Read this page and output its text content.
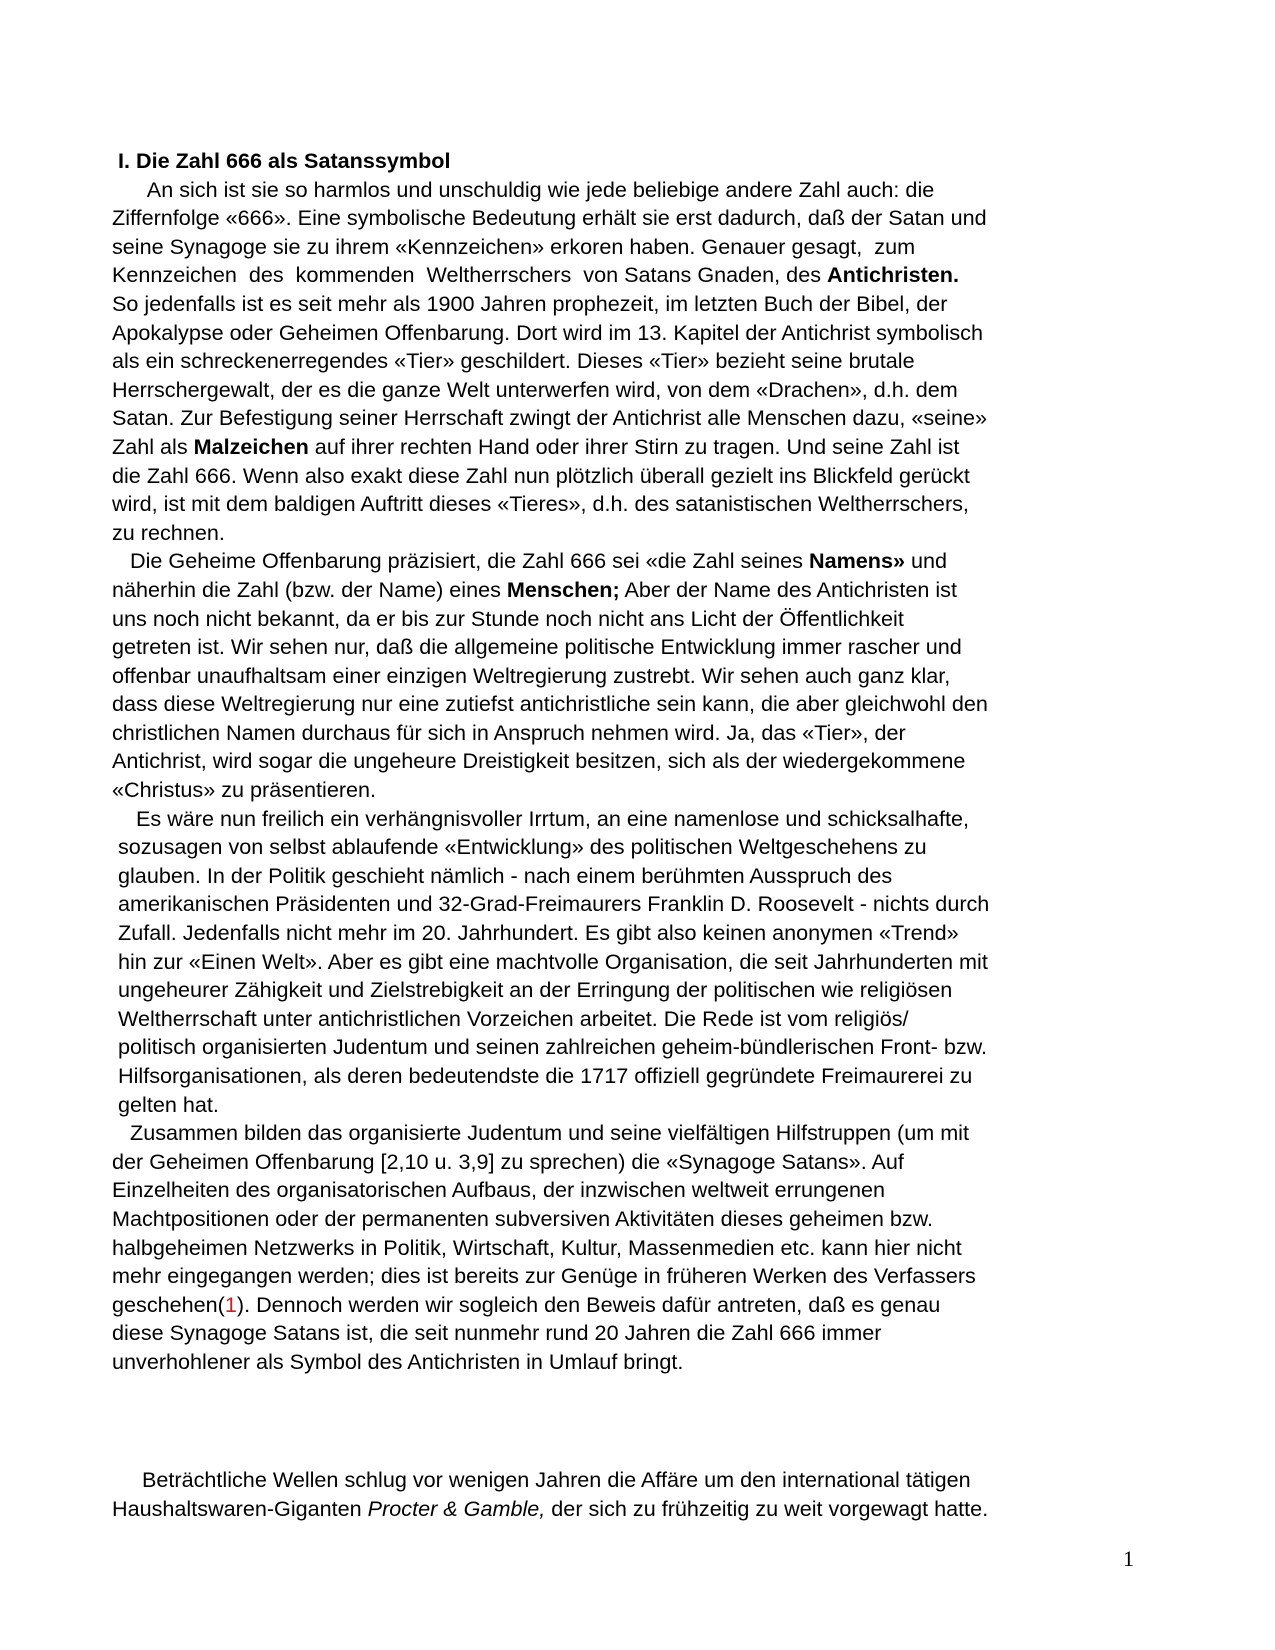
I. Die Zahl 666 als Satanssymbol
An sich ist sie so harmlos und unschuldig wie jede beliebige andere Zahl auch: die
Ziffernfolge «666». Eine symbolische Bedeutung erhält sie erst dadurch, daß der Satan und
seine Synagoge sie zu ihrem «Kennzeichen» erkoren haben. Genauer gesagt,  zum
Kennzeichen  des  kommenden  Weltherrschers  von Satans Gnaden, des Antichristen.
So jedenfalls ist es seit mehr als 1900 Jahren prophezeit, im letzten Buch der Bibel, der
Apokalypse oder Geheimen Offenbarung. Dort wird im 13. Kapitel der Antichrist symbolisch
als ein schreckenerregendes «Tier» geschildert. Dieses «Tier» bezieht seine brutale
Herrschergewalt, der es die ganze Welt unterwerfen wird, von dem «Drachen», d.h. dem
Satan. Zur Befestigung seiner Herrschaft zwingt der Antichrist alle Menschen dazu, «seine»
Zahl als Malzeichen auf ihrer rechten Hand oder ihrer Stirn zu tragen. Und seine Zahl ist
die Zahl 666. Wenn also exakt diese Zahl nun plötzlich überall gezielt ins Blickfeld gerückt
wird, ist mit dem baldigen Auftritt dieses «Tieres», d.h. des satanistischen Weltherrschers,
zu rechnen.
Die Geheime Offenbarung präzisiert, die Zahl 666 sei «die Zahl seines Namens» und
näherhin die Zahl (bzw. der Name) eines Menschen; Aber der Name des Antichristen ist
uns noch nicht bekannt, da er bis zur Stunde noch nicht ans Licht der Öffentlichkeit
getreten ist. Wir sehen nur, daß die allgemeine politische Entwicklung immer rascher und
offenbar unaufhaltsam einer einzigen Weltregierung zustrebt. Wir sehen auch ganz klar,
dass diese Weltregierung nur eine zutiefst antichristliche sein kann, die aber gleichwohl den
christlichen Namen durchaus für sich in Anspruch nehmen wird. Ja, das «Tier», der
Antichrist, wird sogar die ungeheure Dreistigkeit besitzen, sich als der wiedergekommene
«Christus» zu präsentieren.
Es wäre nun freilich ein verhängnisvoller Irrtum, an eine namenlose und schicksalhafte,
sozusagen von selbst ablaufende «Entwicklung» des politischen Weltgeschehens zu
glauben. In der Politik geschieht nämlich - nach einem berühmten Ausspruch des
amerikanischen Präsidenten und 32-Grad-Freimaurers Franklin D. Roosevelt - nichts durch
Zufall. Jedenfalls nicht mehr im 20. Jahrhundert. Es gibt also keinen anonymen «Trend»
hin zur «Einen Welt». Aber es gibt eine machtvolle Organisation, die seit Jahrhunderten mit
ungeheurer Zähigkeit und Zielstrebigkeit an der Erringung der politischen wie religiösen
Weltherrschaft unter antichristlichen Vorzeichen arbeitet. Die Rede ist vom religiös/
politisch organisierten Judentum und seinen zahlreichen geheim-bündlerischen Front- bzw.
Hilfsorganisationen, als deren bedeutendste die 1717 offiziell gegründete Freimaurerei zu
gelten hat.
Zusammen bilden das organisierte Judentum und seine vielfältigen Hilfstruppen (um mit
der Geheimen Offenbarung [2,10 u. 3,9] zu sprechen) die «Synagoge Satans». Auf
Einzelheiten des organisatorischen Aufbaus, der inzwischen weltweit errungenen
Machtpositionen oder der permanenten subversiven Aktivitäten dieses geheimen bzw.
halbgeheimen Netzwerks in Politik, Wirtschaft, Kultur, Massenmedien etc. kann hier nicht
mehr eingegangen werden; dies ist bereits zur Genüge in früheren Werken des Verfassers
geschehen(1). Dennoch werden wir sogleich den Beweis dafür antreten, daß es genau
diese Synagoge Satans ist, die seit nunmehr rund 20 Jahren die Zahl 666 immer
unverhohlener als Symbol des Antichristen in Umlauf bringt.
Beträchtliche Wellen schlug vor wenigen Jahren die Affäre um den international tätigen
Haushaltswaren-Giganten Procter & Gamble, der sich zu frühzeitig zu weit vorgewagt hatte.
1
